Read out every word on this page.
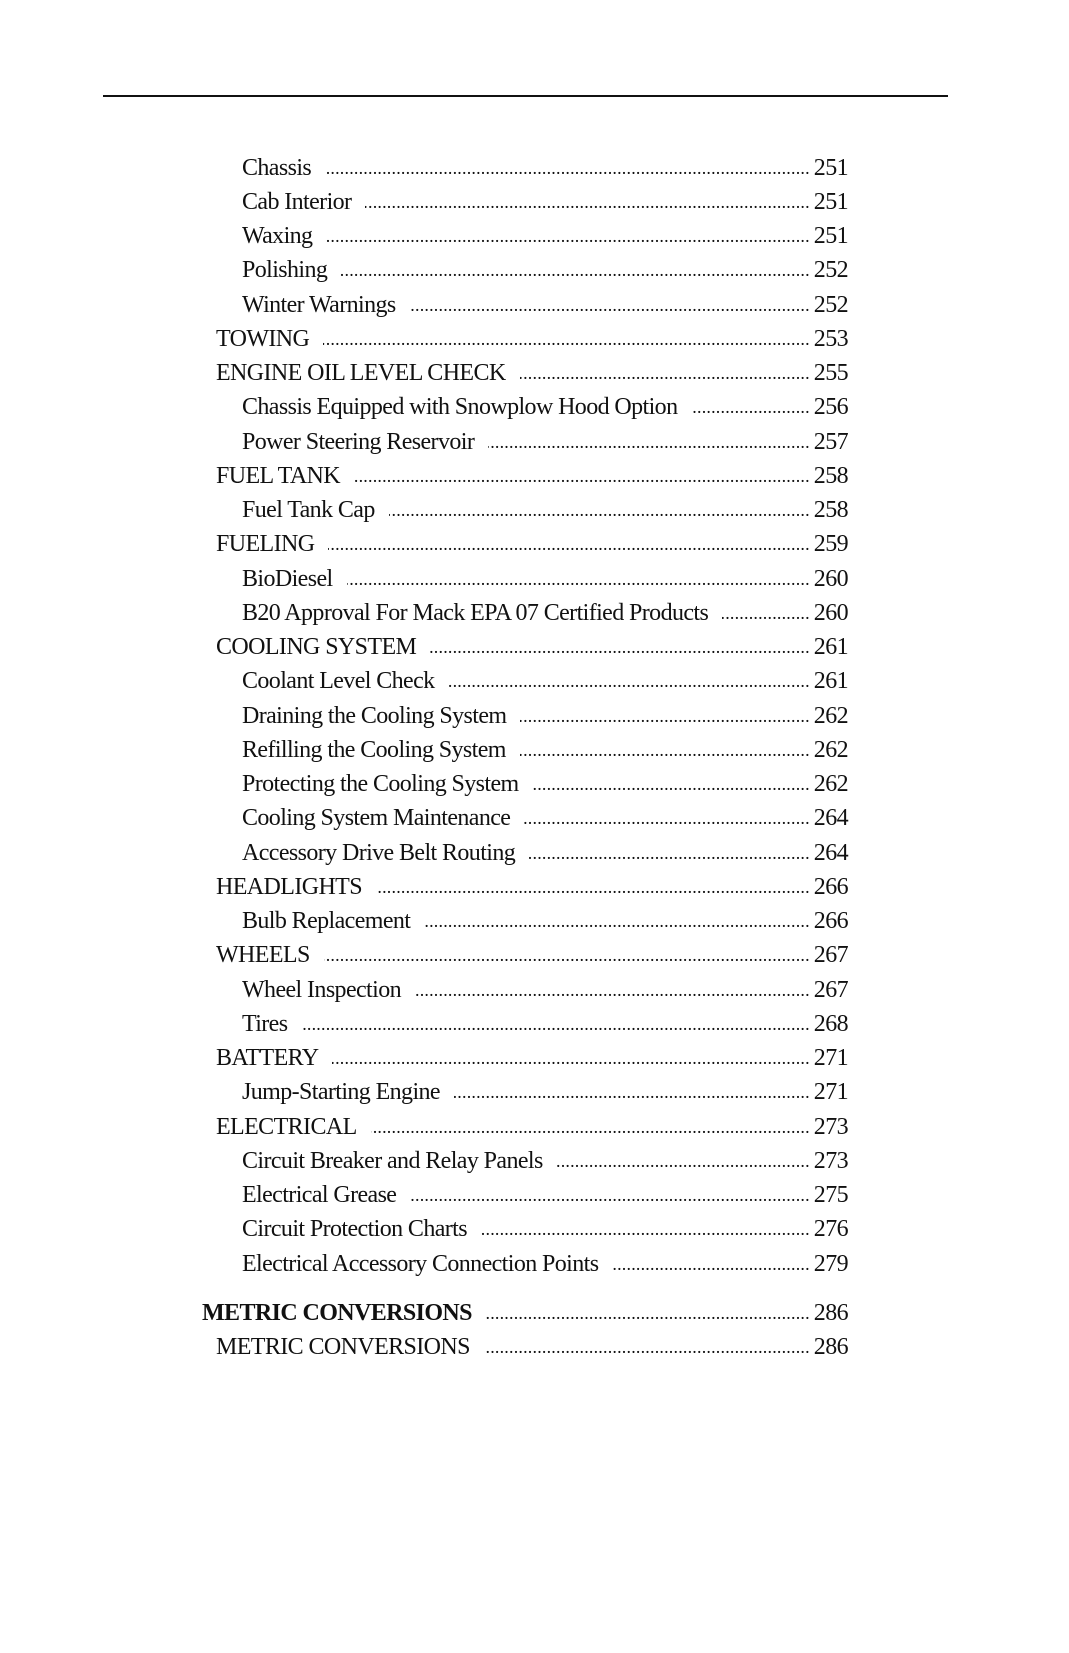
Chassis .....	251
Cab Interior .....	251
Waxing .....	251
Polishing .....	252
Winter Warnings .....	252
TOWING .....	253
ENGINE OIL LEVEL CHECK .....	255
Chassis Equipped with Snowplow Hood Option .....	256
Power Steering Reservoir .....	257
FUEL TANK .....	258
Fuel Tank Cap .....	258
FUELING .....	259
BioDiesel .....	260
B20 Approval For Mack EPA 07 Certified Products .....	260
COOLING SYSTEM .....	261
Coolant Level Check .....	261
Draining the Cooling System .....	262
Refilling the Cooling System .....	262
Protecting the Cooling System .....	262
Cooling System Maintenance .....	264
Accessory Drive Belt Routing .....	264
HEADLIGHTS .....	266
Bulb Replacement .....	266
WHEELS .....	267
Wheel Inspection .....	267
Tires .....	268
BATTERY .....	271
Jump-Starting Engine .....	271
ELECTRICAL .....	273
Circuit Breaker and Relay Panels .....	273
Electrical Grease .....	275
Circuit Protection Charts .....	276
Electrical Accessory Connection Points .....	279
METRIC CONVERSIONS .....	286
METRIC CONVERSIONS .....	286
